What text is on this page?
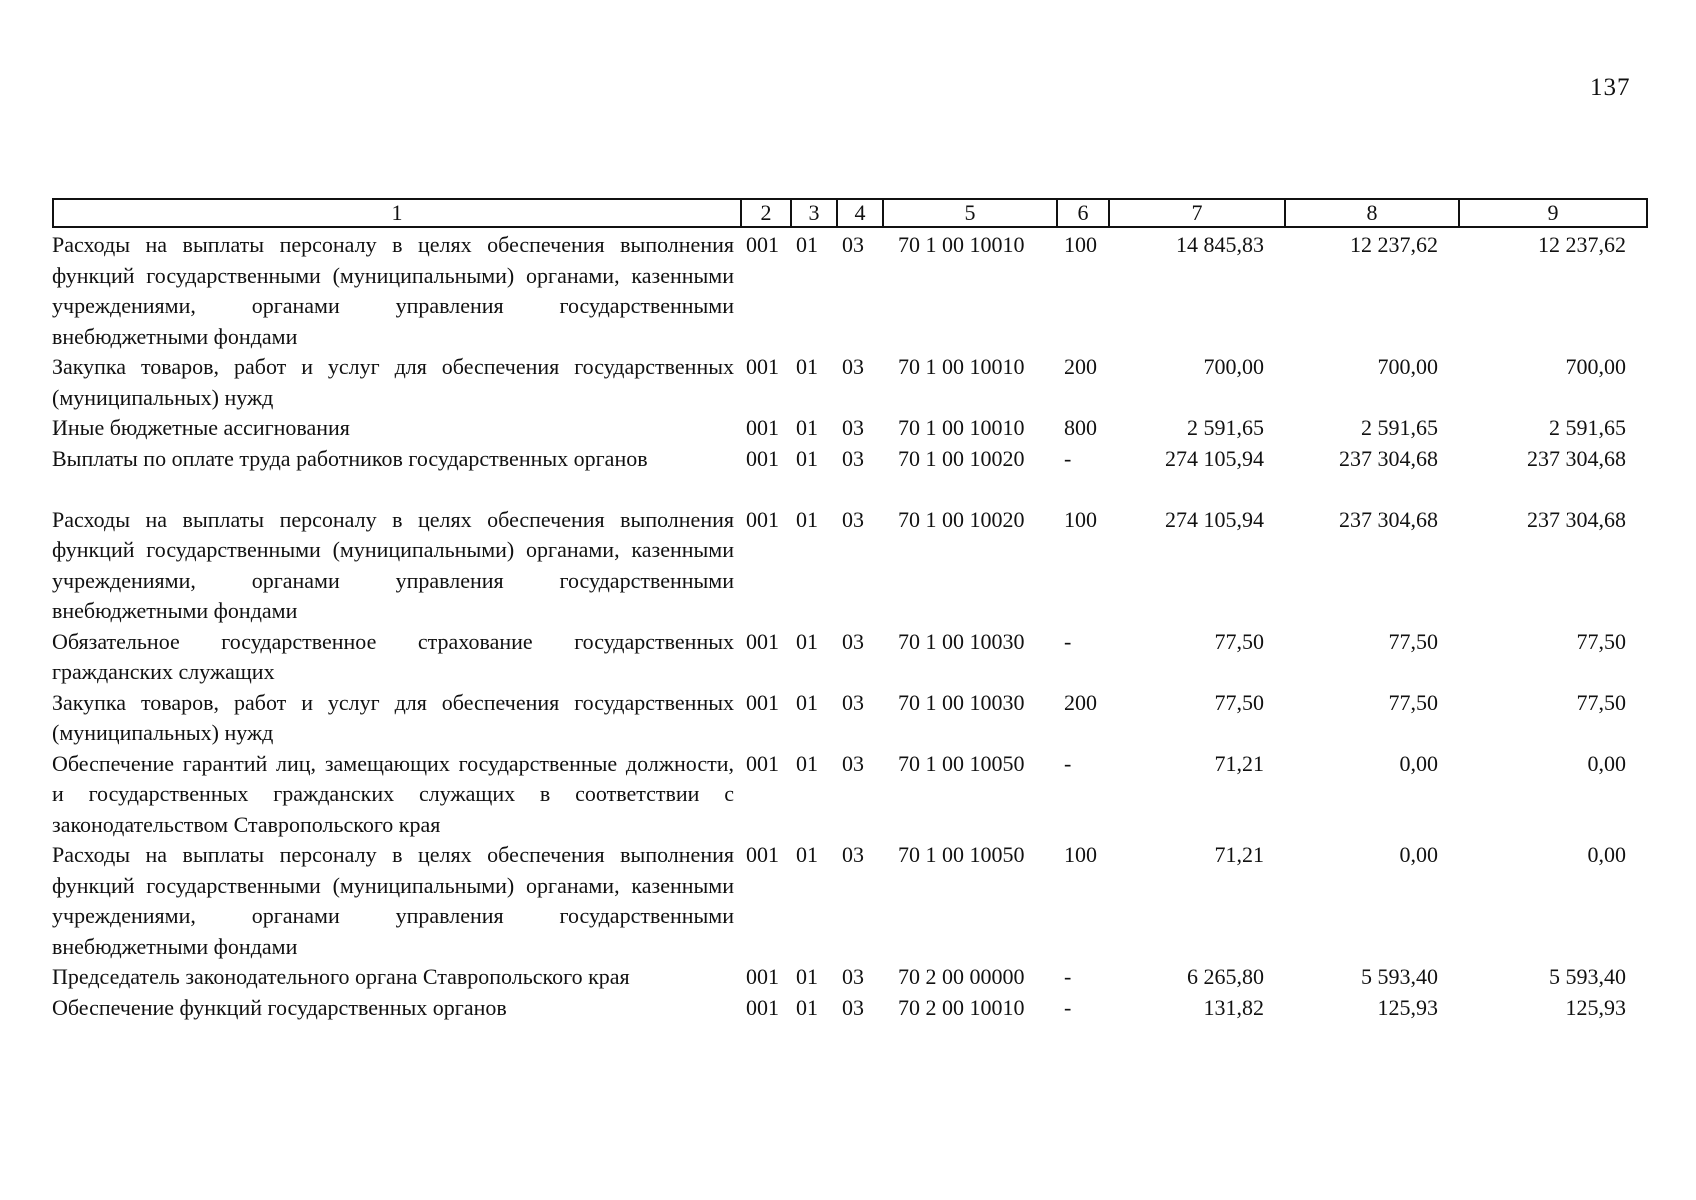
137
1	2	3	4	5	6	7	8	9
Расходы на выплаты персоналу в целях обеспечения выполнения функций государственными (муниципальными) органами, казенными учреждениями, органами управления государственными внебюджетными фондами	001	01	03	70 1 00 10010	100	14 845,83	12 237,62	12 237,62
Закупка товаров, работ и услуг для обеспечения государственных (муниципальных) нужд	001	01	03	70 1 00 10010	200	700,00	700,00	700,00
Иные бюджетные ассигнования	001	01	03	70 1 00 10010	800	2 591,65	2 591,65	2 591,65
Выплаты по оплате труда работников государственных органов	001	01	03	70 1 00 10020	-	274 105,94	237 304,68	237 304,68

Расходы на выплаты персоналу в целях обеспечения выполнения функций государственными (муниципальными) органами, казенными учреждениями, органами управления государственными внебюджетными фондами	001	01	03	70 1 00 10020	100	274 105,94	237 304,68	237 304,68
Обязательное государственное страхование государственных гражданских служащих	001	01	03	70 1 00 10030	-	77,50	77,50	77,50
Закупка товаров, работ и услуг для обеспечения государственных (муниципальных) нужд	001	01	03	70 1 00 10030	200	77,50	77,50	77,50
Обеспечение гарантий лиц, замещающих государственные должности, и государственных гражданских служащих в соответствии с законодательством Ставропольского края	001	01	03	70 1 00 10050	-	71,21	0,00	0,00
Расходы на выплаты персоналу в целях обеспечения выполнения функций государственными (муниципальными) органами, казенными учреждениями, органами управления государственными внебюджетными фондами	001	01	03	70 1 00 10050	100	71,21	0,00	0,00
Председатель законодательного органа Ставропольского края	001	01	03	70 2 00 00000	-	6 265,80	5 593,40	5 593,40
Обеспечение функций государственных органов	001	01	03	70 2 00 10010	-	131,82	125,93	125,93
